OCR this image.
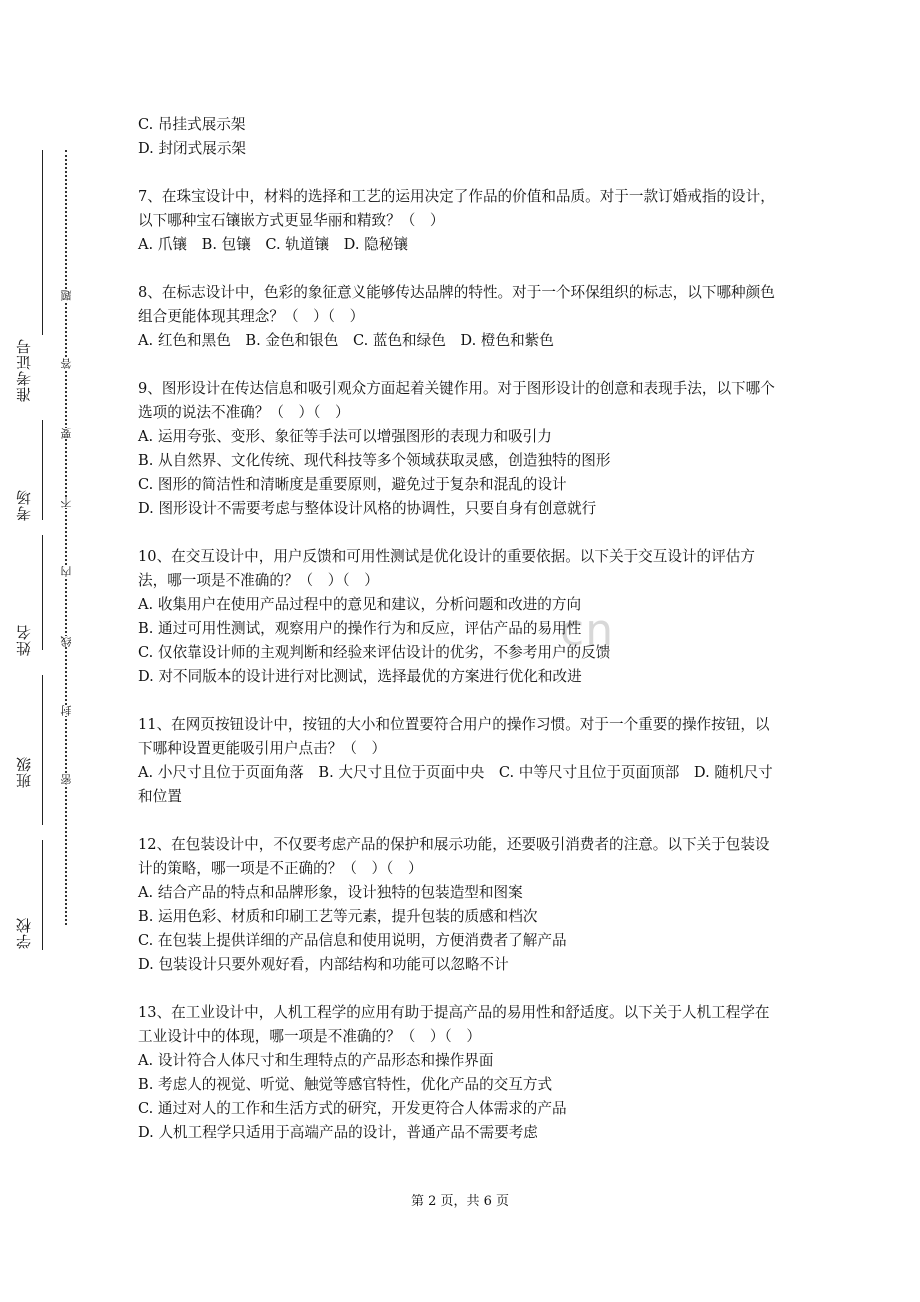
准考证号
考场
姓名
班级
学校
题
答
要
不
内
线
封
密
cn
C. 吊挂式展示架
D. 封闭式展示架
7、在珠宝设计中，材料的选择和工艺的运用决定了作品的价值和品质。对于一款订婚戒指的设计，以下哪种宝石镶嵌方式更显华丽和精致？（　）
A. 爪镶　B. 包镶　C. 轨道镶　D. 隐秘镶
8、在标志设计中，色彩的象征意义能够传达品牌的特性。对于一个环保组织的标志，以下哪种颜色组合更能体现其理念？（　）（　）
A. 红色和黑色　B. 金色和银色　C. 蓝色和绿色　D. 橙色和紫色
9、图形设计在传达信息和吸引观众方面起着关键作用。对于图形设计的创意和表现手法，以下哪个选项的说法不准确？（　）（　）
A. 运用夸张、变形、象征等手法可以增强图形的表现力和吸引力
B. 从自然界、文化传统、现代科技等多个领域获取灵感，创造独特的图形
C. 图形的简洁性和清晰度是重要原则，避免过于复杂和混乱的设计
D. 图形设计不需要考虑与整体设计风格的协调性，只要自身有创意就行
10、在交互设计中，用户反馈和可用性测试是优化设计的重要依据。以下关于交互设计的评估方法，哪一项是不准确的？（　）（　）
A. 收集用户在使用产品过程中的意见和建议，分析问题和改进的方向
B. 通过可用性测试，观察用户的操作行为和反应，评估产品的易用性
C. 仅依靠设计师的主观判断和经验来评估设计的优劣，不参考用户的反馈
D. 对不同版本的设计进行对比测试，选择最优的方案进行优化和改进
11、在网页按钮设计中，按钮的大小和位置要符合用户的操作习惯。对于一个重要的操作按钮，以下哪种设置更能吸引用户点击？（　）
A. 小尺寸且位于页面角落　B. 大尺寸且位于页面中央　C. 中等尺寸且位于页面顶部　D. 随机尺寸和位置
12、在包装设计中，不仅要考虑产品的保护和展示功能，还要吸引消费者的注意。以下关于包装设计的策略，哪一项是不正确的？（　）（　）
A. 结合产品的特点和品牌形象，设计独特的包装造型和图案
B. 运用色彩、材质和印刷工艺等元素，提升包装的质感和档次
C. 在包装上提供详细的产品信息和使用说明，方便消费者了解产品
D. 包装设计只要外观好看，内部结构和功能可以忽略不计
13、在工业设计中，人机工程学的应用有助于提高产品的易用性和舒适度。以下关于人机工程学在工业设计中的体现，哪一项是不准确的？（　）（　）
A. 设计符合人体尺寸和生理特点的产品形态和操作界面
B. 考虑人的视觉、听觉、触觉等感官特性，优化产品的交互方式
C. 通过对人的工作和生活方式的研究，开发更符合人体需求的产品
D. 人机工程学只适用于高端产品的设计，普通产品不需要考虑
第 2 页，共 6 页
